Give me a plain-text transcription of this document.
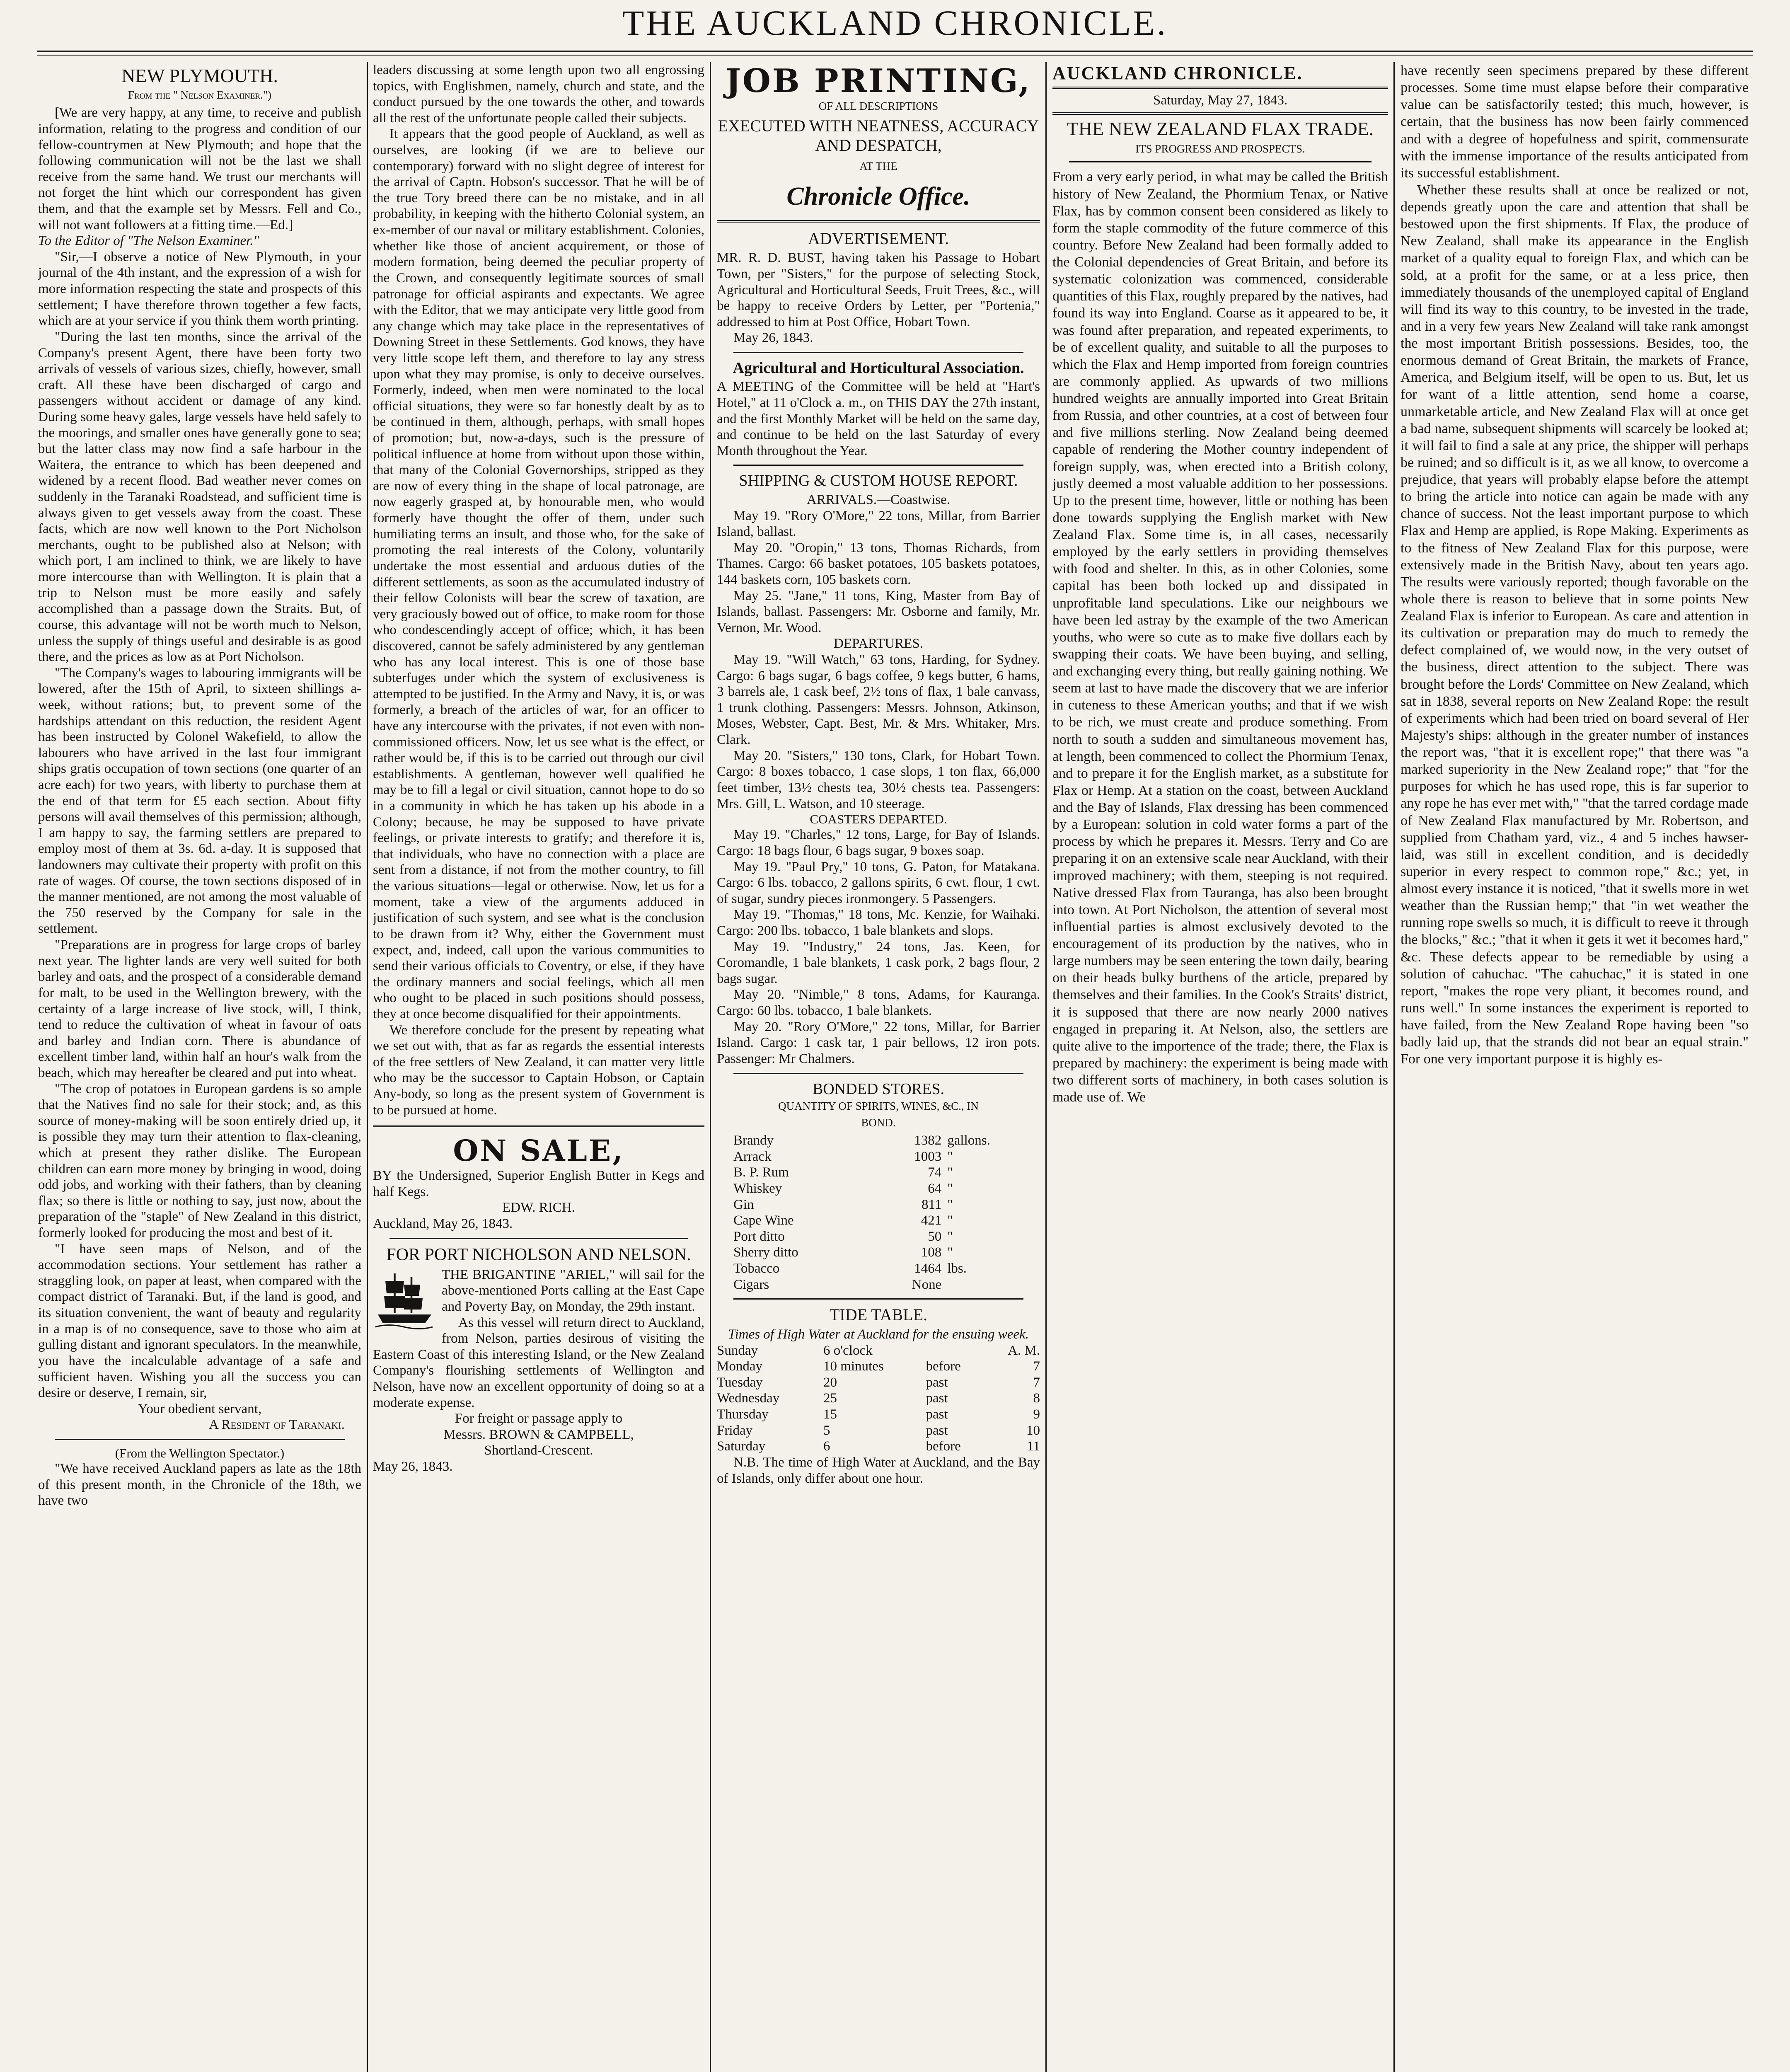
THE AUCKLAND CHRONICLE.
NEW PLYMOUTH.
From the " Nelson Examiner.")

[We are very happy, at any time, to receive and publish information, relating to the progress and condition of our fellow-countrymen at New Plymouth; and hope that the following communication will not be the last we shall receive from the same hand. We trust our merchants will not forget the hint which our correspondent has given them, and that the example set by Messrs. Fell and Co., will not want followers at a fitting time.—Ed.]

To the Editor of "The Nelson Examiner."

"Sir,—I observe a notice of New Plymouth, in your journal of the 4th instant, and the expression of a wish for more information respecting the state and prospects of this settlement; I have therefore thrown together a few facts, which are at your service if you think them worth printing.

"During the last ten months, since the arrival of the Company's present Agent, there have been forty two arrivals of vessels of various sizes, chiefly, however, small craft. All these have been discharged of cargo and passengers without accident or damage of any kind. During some heavy gales, large vessels have held safely to the moorings, and smaller ones have generally gone to sea; but the latter class may now find a safe harbour in the Waitera, the entrance to which has been deepened and widened by a recent flood. Bad weather never comes on suddenly in the Taranaki Roadstead, and sufficient time is always given to get vessels away from the coast. These facts, which are now well known to the Port Nicholson merchants, ought to be published also at Nelson; with which port, I am inclined to think, we are likely to have more intercourse than with Wellington. It is plain that a trip to Nelson must be more easily and safely accomplished than a passage down the Straits. But, of course, this advantage will not be worth much to Nelson, unless the supply of things useful and desirable is as good there, and the prices as low as at Port Nicholson.

"The Company's wages to labouring immigrants will be lowered, after the 15th of April, to sixteen shillings a-week, without rations; but, to prevent some of the hardships attendant on this reduction, the resident Agent has been instructed by Colonel Wakefield, to allow the labourers who have arrived in the last four immigrant ships gratis occupation of town sections (one quarter of an acre each) for two years, with liberty to purchase them at the end of that term for £5 each section. About fifty persons will avail themselves of this permission; although, I am happy to say, the farming settlers are prepared to employ most of them at 3s. 6d. a-day. It is supposed that landowners may cultivate their property with profit on this rate of wages. Of course, the town sections disposed of in the manner mentioned, are not among the most valuable of the 750 reserved by the Company for sale in the settlement.

"Preparations are in progress for large crops of barley next year. The lighter lands are very well suited for both barley and oats, and the prospect of a considerable demand for malt, to be used in the Wellington brewery, with the certainty of a large increase of live stock, will, I think, tend to reduce the cultivation of wheat in favour of oats and barley and Indian corn. There is abundance of excellent timber land, within half an hour's walk from the beach, which may hereafter be cleared and put into wheat.

"The crop of potatoes in European gardens is so ample that the Natives find no sale for their stock; and, as this source of money-making will be soon entirely dried up, it is possible they may turn their attention to flax-cleaning, which at present they rather dislike. The European children can earn more money by bringing in wood, doing odd jobs, and working with their fathers, than by cleaning flax; so there is little or nothing to say, just now, about the preparation of the "staple" of New Zealand in this district, formerly looked for producing the most and best of it.

"I have seen maps of Nelson, and of the accommodation sections. Your settlement has rather a straggling look, on paper at least, when compared with the compact district of Taranaki. But, if the land is good, and its situation convenient, the want of beauty and regularity in a map is of no consequence, save to those who aim at gulling distant and ignorant speculators. In the meanwhile, you have the incalculable advantage of a safe and sufficient haven. Wishing you all the success you can desire or deserve, I remain, sir,

Your obedient servant,
A Resident of Taranaki.
(From the Wellington Spectator.)

"We have received Auckland papers as late as the 18th of this present month, in the Chronicle of the 18th, we have two

leaders discussing at some length upon two all engrossing topics, with Englishmen, namely, church and state, and the conduct pursued by the one towards the other, and towards all the rest of the unfortunate people called their subjects.

It appears that the good people of Auckland, as well as ourselves, are looking (if we are to believe our contemporary) forward with no slight degree of interest for the arrival of Captn. Hobson's successor. That he will be of the true Tory breed there can be no mistake, and in all probability, in keeping with the hitherto Colonial system, an ex-member of our naval or military establishment. Colonies, whether like those of ancient acquirement, or those of modern formation, being deemed the peculiar property of the Crown, and consequently legitimate sources of small patronage for official aspirants and expectants. We agree with the Editor, that we may anticipate very little good from any change which may take place in the representatives of Downing Street in these Settlements. God knows, they have very little scope left them, and therefore to lay any stress upon what they may promise, is only to deceive ourselves. Formerly, indeed, when men were nominated to the local official situations, they were so far honestly dealt by as to be continued in them, although, perhaps, with small hopes of promotion; but, now-a-days, such is the pressure of political influence at home from without upon those within, that many of the Colonial Governorships, stripped as they are now of every thing in the shape of local patronage, are now eagerly grasped at, by honourable men, who would formerly have thought the offer of them, under such humiliating terms an insult, and those who, for the sake of promoting the real interests of the Colony, voluntarily undertake the most essential and arduous duties of the different settlements, as soon as the accumulated industry of their fellow Colonists will bear the screw of taxation, are very graciously bowed out of office, to make room for those who condescendingly accept of office; which, it has been discovered, cannot be safely administered by any gentleman who has any local interest. This is one of those base subterfuges under which the system of exclusiveness is attempted to be justified. In the Army and Navy, it is, or was formerly, a breach of the articles of war, for an officer to have any intercourse with the privates, if not even with non-commissioned officers. Now, let us see what is the effect, or rather would be, if this is to be carried out through our civil establishments. A gentleman, however well qualified he may be to fill a legal or civil situation, cannot hope to do so in a community in which he has taken up his abode in a Colony; because, he may be supposed to have private feelings, or private interests to gratify; and therefore it is, that individuals, who have no connection with a place are sent from a distance, if not from the mother country, to fill the various situations—legal or otherwise. Now, let us for a moment, take a view of the arguments adduced in justification of such system, and see what is the conclusion to be drawn from it? Why, either the Government must expect, and, indeed, call upon the various communities to send their various officials to Coventry, or else, if they have the ordinary manners and social feelings, which all men who ought to be placed in such positions should possess, they at once become disqualified for their appointments.

We therefore conclude for the present by repeating what we set out with, that as far as regards the essential interests of the free settlers of New Zealand, it can matter very little who may be the successor to Captain Hobson, or Captain Any-body, so long as the present system of Government is to be pursued at home.

ON SALE,

BY the Undersigned, Superior English Butter in Kegs and half Kegs.

EDW. RICH.
Auckland, May 26, 1843.
FOR PORT NICHOLSON AND NELSON.

THE BRIGANTINE "ARIEL," will sail for the above-mentioned Ports calling at the East Cape and Poverty Bay, on Monday, the 29th instant.

As this vessel will return direct to Auckland, from Nelson, parties desirous of visiting the Eastern Coast of this interesting Island, or the New Zealand Company's flourishing settlements of Wellington and Nelson, have now an excellent opportunity of doing so at a moderate expense.

For freight or passage apply to
Messrs. BROWN & CAMPBELL,
Shortland-Crescent.
May 26, 1843.
JOB PRINTING,
OF ALL DESCRIPTIONS
EXECUTED WITH NEATNESS, ACCURACY AND DESPATCH,
AT THE
Chronicle Office.
ADVERTISEMENT.

MR. R. D. BUST, having taken his Passage to Hobart Town, per "Sisters," for the purpose of selecting Stock, Agricultural and Horticultural Seeds, Fruit Trees, &c., will be happy to receive Orders by Letter, per "Portenia," addressed to him at Post Office, Hobart Town.

May 26, 1843.
Agricultural and Horticultural Association.

A MEETING of the Committee will be held at "Hart's Hotel," at 11 o'Clock a. m., on THIS DAY the 27th instant, and the first Monthly Market will be held on the same day, and continue to be held on the last Saturday of every Month throughout the Year.

SHIPPING & CUSTOM HOUSE REPORT.
ARRIVALS.—Coastwise.

May 19. "Rory O'More," 22 tons, Millar, from Barrier Island, ballast.

May 20. "Oropin," 13 tons, Thomas Richards, from Thames. Cargo: 66 basket potatoes, 105 baskets potatoes, 144 baskets corn, 105 baskets corn.

May 25. "Jane," 11 tons, King, Master from Bay of Islands, ballast. Passengers: Mr. Osborne and family, Mr. Vernon, Mr. Wood.

DEPARTURES.

May 19. "Will Watch," 63 tons, Harding, for Sydney. Cargo: 6 bags sugar, 6 bags coffee, 9 kegs butter, 6 hams, 3 barrels ale, 1 cask beef, 2½ tons of flax, 1 bale canvass, 1 trunk clothing. Passengers: Messrs. Johnson, Atkinson, Moses, Webster, Capt. Best, Mr. & Mrs. Whitaker, Mrs. Clark.

May 20. "Sisters," 130 tons, Clark, for Hobart Town. Cargo: 8 boxes tobacco, 1 case slops, 1 ton flax, 66,000 feet timber, 13½ chests tea, 30½ chests tea. Passengers: Mrs. Gill, L. Watson, and 10 steerage.

COASTERS DEPARTED.

May 19. "Charles," 12 tons, Large, for Bay of Islands. Cargo: 18 bags flour, 6 bags sugar, 9 boxes soap.

May 19. "Paul Pry," 10 tons, G. Paton, for Matakana. Cargo: 6 lbs. tobacco, 2 gallons spirits, 6 cwt. flour, 1 cwt. of sugar, sundry pieces ironmongery. 5 Passengers.

May 19. "Thomas," 18 tons, Mc. Kenzie, for Waihaki. Cargo: 200 lbs. tobacco, 1 bale blankets and slops.

May 19. "Industry," 24 tons, Jas. Keen, for Coromandle, 1 bale blankets, 1 cask pork, 2 bags flour, 2 bags sugar.

May 20. "Nimble," 8 tons, Adams, for Kauranga. Cargo: 60 lbs. tobacco, 1 bale blankets.

May 20. "Rory O'More," 22 tons, Millar, for Barrier Island. Cargo: 1 cask tar, 1 pair bellows, 12 iron pots. Passenger: Mr Chalmers.

BONDED STORES.
QUANTITY OF SPIRITS, WINES, &C., IN
BOND.
Brandy	1382	gallons.
Arrack	1003	"
B. P. Rum	74	"
Whiskey	64	"
Gin	811	"
Cape Wine	421	"
Port ditto	50	"
Sherry ditto	108	"
Tobacco	1464	lbs.
Cigars	None	
TIDE TABLE.
Times of High Water at Auckland for the ensuing week.
Sunday	6 o'clock		A. M.
Monday	10 minutes	before	7
Tuesday	20	past	7
Wednesday	25	past	8
Thursday	15	past	9
Friday	5	past	10
Saturday	6	before	11

N.B. The time of High Water at Auckland, and the Bay of Islands, only differ about one hour.

AUCKLAND CHRONICLE.
Saturday, May 27, 1843.
THE NEW ZEALAND FLAX TRADE.
ITS PROGRESS AND PROSPECTS.

From a very early period, in what may be called the British history of New Zealand, the Phormium Tenax, or Native Flax, has by common consent been considered as likely to form the staple commodity of the future commerce of this country. Before New Zealand had been formally added to the Colonial dependencies of Great Britain, and before its systematic colonization was commenced, considerable quantities of this Flax, roughly prepared by the natives, had found its way into England. Coarse as it appeared to be, it was found after preparation, and repeated experiments, to be of excellent quality, and suitable to all the purposes to which the Flax and Hemp imported from foreign countries are commonly applied. As upwards of two millions hundred weights are annually imported into Great Britain from Russia, and other countries, at a cost of between four and five millions sterling. Now Zealand being deemed capable of rendering the Mother country independent of foreign supply, was, when erected into a British colony, justly deemed a most valuable addition to her possessions. Up to the present time, however, little or nothing has been done towards supplying the English market with New Zealand Flax. Some time is, in all cases, necessarily employed by the early settlers in providing themselves with food and shelter. In this, as in other Colonies, some capital has been both locked up and dissipated in unprofitable land speculations. Like our neighbours we have been led astray by the example of the two American youths, who were so cute as to make five dollars each by swapping their coats. We have been buying, and selling, and exchanging every thing, but really gaining nothing. We seem at last to have made the discovery that we are inferior in cuteness to these American youths; and that if we wish to be rich, we must create and produce something. From north to south a sudden and simultaneous movement has, at length, been commenced to collect the Phormium Tenax, and to prepare it for the English market, as a substitute for Flax or Hemp. At a station on the coast, between Auckland and the Bay of Islands, Flax dressing has been commenced by a European: solution in cold water forms a part of the process by which he prepares it. Messrs. Terry and Co are preparing it on an extensive scale near Auckland, with their improved machinery; with them, steeping is not required. Native dressed Flax from Tauranga, has also been brought into town. At Port Nicholson, the attention of several most influential parties is almost exclusively devoted to the encouragement of its production by the natives, who in large numbers may be seen entering the town daily, bearing on their heads bulky burthens of the article, prepared by themselves and their families. In the Cook's Straits' district, it is supposed that there are now nearly 2000 natives engaged in preparing it. At Nelson, also, the settlers are quite alive to the importence of the trade; there, the Flax is prepared by machinery: the experiment is being made with two different sorts of machinery, in both cases solution is made use of. We

have recently seen specimens prepared by these different processes. Some time must elapse before their comparative value can be satisfactorily tested; this much, however, is certain, that the business has now been fairly commenced and with a degree of hopefulness and spirit, commensurate with the immense importance of the results anticipated from its successful establishment.

Whether these results shall at once be realized or not, depends greatly upon the care and attention that shall be bestowed upon the first shipments. If Flax, the produce of New Zealand, shall make its appearance in the English market of a quality equal to foreign Flax, and which can be sold, at a profit for the same, or at a less price, then immediately thousands of the unemployed capital of England will find its way to this country, to be invested in the trade, and in a very few years New Zealand will take rank amongst the most important British possessions. Besides, too, the enormous demand of Great Britain, the markets of France, America, and Belgium itself, will be open to us. But, let us for want of a little attention, send home a coarse, unmarketable article, and New Zealand Flax will at once get a bad name, subsequent shipments will scarcely be looked at; it will fail to find a sale at any price, the shipper will perhaps be ruined; and so difficult is it, as we all know, to overcome a prejudice, that years will probably elapse before the attempt to bring the article into notice can again be made with any chance of success. Not the least important purpose to which Flax and Hemp are applied, is Rope Making. Experiments as to the fitness of New Zealand Flax for this purpose, were extensively made in the British Navy, about ten years ago. The results were variously reported; though favorable on the whole there is reason to believe that in some points New Zealand Flax is inferior to European. As care and attention in its cultivation or preparation may do much to remedy the defect complained of, we would now, in the very outset of the business, direct attention to the subject. There was brought before the Lords' Committee on New Zealand, which sat in 1838, several reports on New Zealand Rope: the result of experiments which had been tried on board several of Her Majesty's ships: although in the greater number of instances the report was, "that it is excellent rope;" that there was "a marked superiority in the New Zealand rope;" that "for the purposes for which he has used rope, this is far superior to any rope he has ever met with," "that the tarred cordage made of New Zealand Flax manufactured by Mr. Robertson, and supplied from Chatham yard, viz., 4 and 5 inches hawser-laid, was still in excellent condition, and is decidedly superior in every respect to common rope," &c.; yet, in almost every instance it is noticed, "that it swells more in wet weather than the Russian hemp;" that "in wet weather the running rope swells so much, it is difficult to reeve it through the blocks," &c.; "that it when it gets it wet it becomes hard," &c. These defects appear to be remediable by using a solution of cahuchac. "The cahuchac," it is stated in one report, "makes the rope very pliant, it becomes round, and runs well." In some instances the experiment is reported to have failed, from the New Zealand Rope having been "so badly laid up, that the strands did not bear an equal strain." For one very important purpose it is highly es-
